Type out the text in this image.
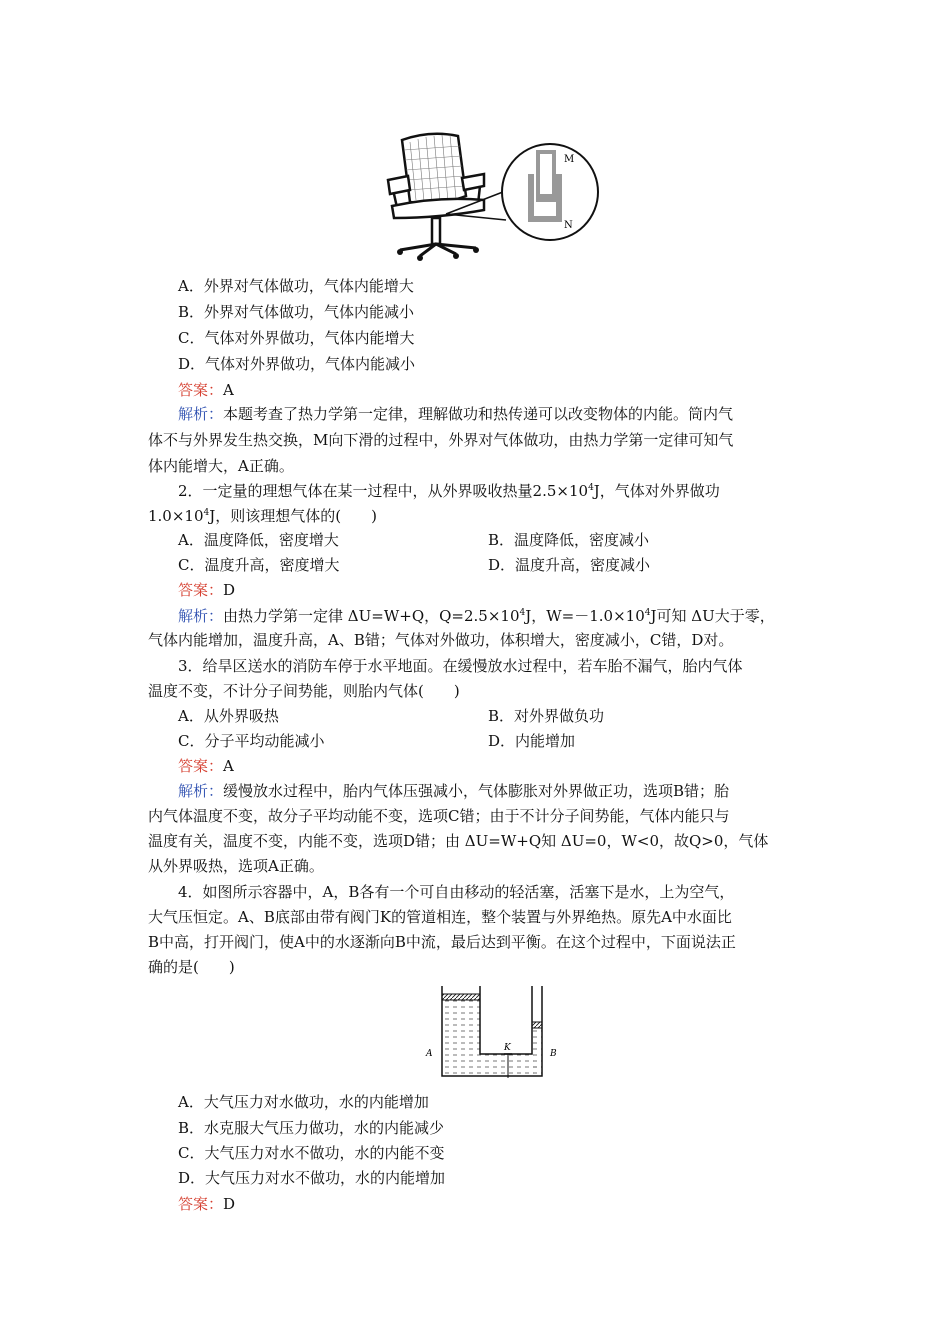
M
N
A．外界对气体做功，气体内能增大
B．外界对气体做功，气体内能减小
C．气体对外界做功，气体内能增大
D．气体对外界做功，气体内能减小
答案：A
解析：本题考查了热力学第一定律，理解做功和热传递可以改变物体的内能。筒内气
体不与外界发生热交换，M向下滑的过程中，外界对气体做功，由热力学第一定律可知气
体内能增大，A正确。
2．一定量的理想气体在某一过程中，从外界吸收热量$2.5\times 10^4J$，气体对外界做功
$1.0\times 10^4J$，则该理想气体的(　　)
A．温度降低，密度增大	B．温度降低，密度减小
C．温度升高，密度增大	D．温度升高，密度减小
答案：D
解析：由热力学第一定律 ΔU=W+Q，$Q=2.5\times 10^4J$，$W=-1.0\times 10^4J$可知 ΔU大于零，
气体内能增加，温度升高，A、B错；气体对外做功，体积增大，密度减小，C错，D对。
3．给旱区送水的消防车停于水平地面。在缓慢放水过程中，若车胎不漏气，胎内气体
温度不变，不计分子间势能，则胎内气体(　　)
A．从外界吸热	B．对外界做负功
C．分子平均动能减小	D．内能增加
答案：A
解析：缓慢放水过程中，胎内气体压强减小，气体膨胀对外界做正功，选项B错；胎
内气体温度不变，故分子平均动能不变，选项C错；由于不计分子间势能，气体内能只与
温度有关，温度不变，内能不变，选项D错；由 ΔU=W+Q知 ΔU=0，W<0，故Q>0，气体
从外界吸热，选项A正确。
4．如图所示容器中，A，B各有一个可自由移动的轻活塞，活塞下是水，上为空气，
大气压恒定。A、B底部由带有阀门K的管道相连，整个装置与外界绝热。原先A中水面比
B中高，打开阀门，使A中的水逐渐向B中流，最后达到平衡。在这个过程中，下面说法正
确的是(　　)
K
A	B
A．大气压力对水做功，水的内能增加
B．水克服大气压力做功，水的内能减少
C．大气压力对水不做功，水的内能不变
D．大气压力对水不做功，水的内能增加
答案：D
